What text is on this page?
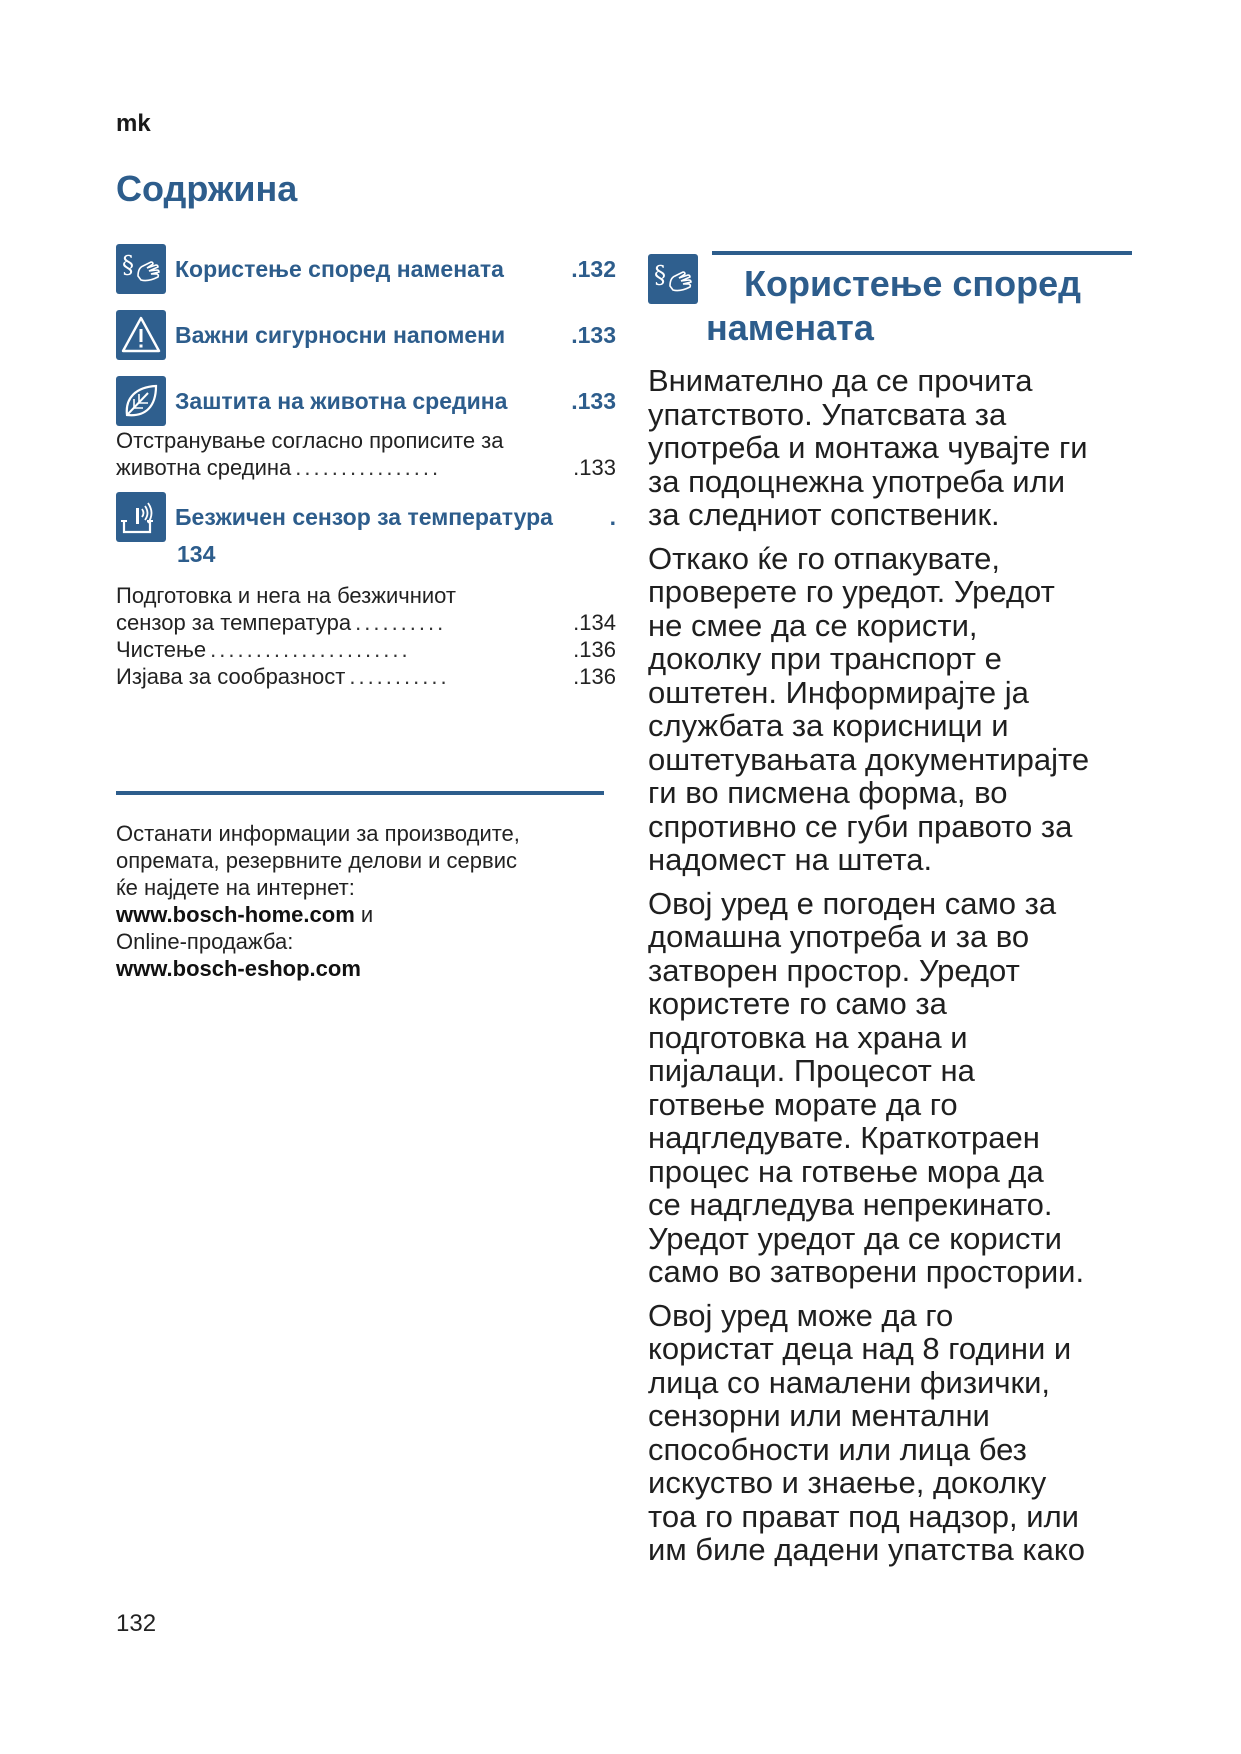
mk
Содржина
§ Користење според намената	.132
Важни сигурносни напомени	.133
Заштита на животна средина	.133
Отстранување согласно прописите за
животна средина ................	.133
Безжичен сензор за температура .
134
Подготовка и нега на безжичниот
сензор за температура ..........	.134
Чистење ......................	.136
Изјава за сообразност ...........	.136
Останати информации за производите,
опремата, резервните делови и сервис
ќе најдете на интернет:
www.bosch-home.com и
Online-продажба:
www.bosch-eshop.com
132
§	Користење според
намената

Внимателно да се прочита
упатството. Упатсвата за
употреба и монтажа чувајте ги
за подоцнежна употреба или
за следниот сопственик.

Откако ќе го отпакувате,
проверете го уредот. Уредот
не смее да се користи,
доколку при транспорт е
оштетен. Информирајте ја
службата за корисници и
оштетувањата документирајте
ги во писмена форма, во
спротивно се губи правото за
надомест на штета.

Овој уред е погоден само за
домашна употреба и за во
затворен простор. Уредот
користете го само за
подготовка на храна и
пијалаци. Процесот на
готвење морате да го
надгледувате. Краткотраен
процес на готвење мора да
се надгледува непрекинато.
Уредот уредот да се користи
само во затворени простории.

Овој уред може да го
користат деца над 8 години и
лица со намалени физички,
сензорни или ментални
способности или лица без
искуство и знаење, доколку
тоа го прават под надзор, или
им биле дадени упатства како
